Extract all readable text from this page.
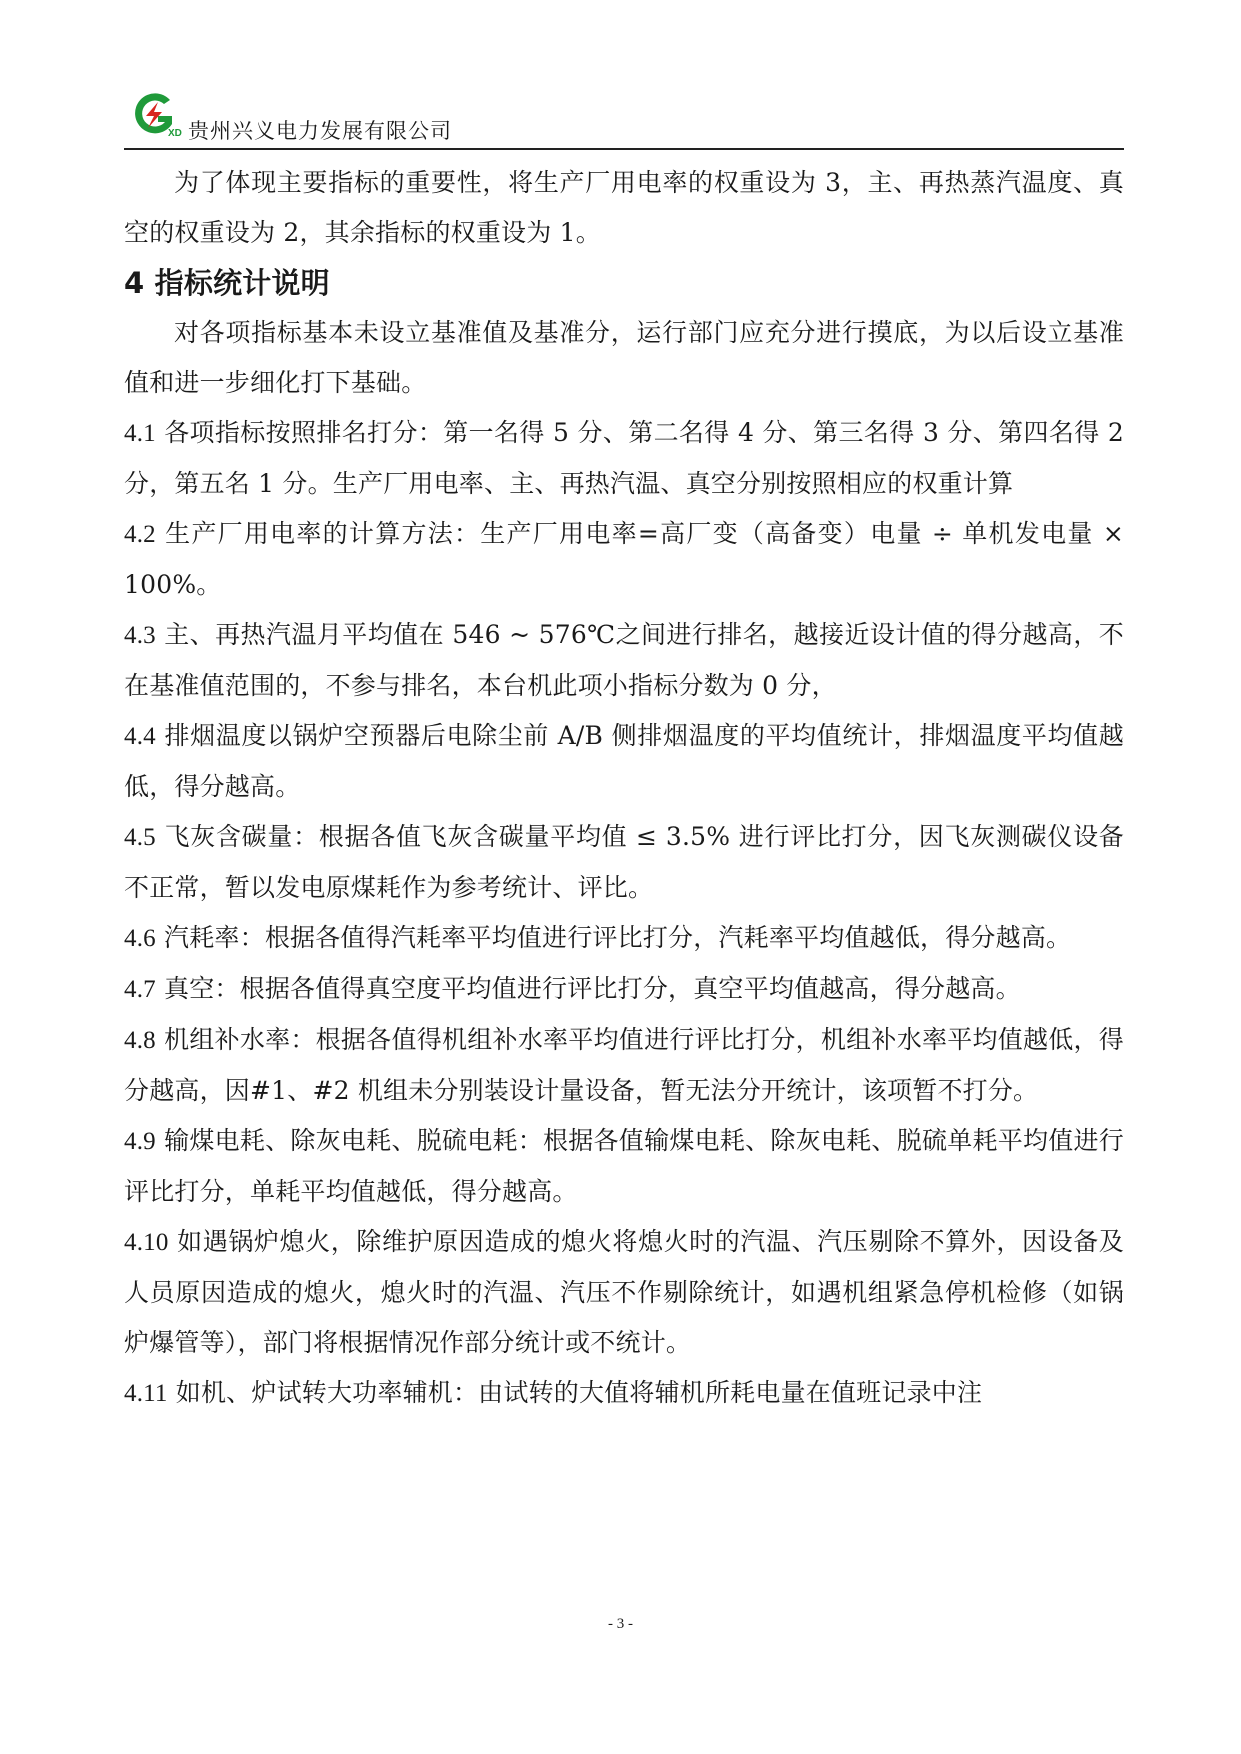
XD 贵州兴义电力发展有限公司

为了体现主要指标的重要性，将生产厂用电率的权重设为 3，主、再热蒸汽温度、真空的权重设为 2，其余指标的权重设为 1。

4 指标统计说明

对各项指标基本未设立基准值及基准分，运行部门应充分进行摸底，为以后设立基准值和进一步细化打下基础。

4.1 各项指标按照排名打分：第一名得 5 分、第二名得 4 分、第三名得 3 分、第四名得 2 分，第五名 1 分。生产厂用电率、主、再热汽温、真空分别按照相应的权重计算

4.2 生产厂用电率的计算方法：生产厂用电率=高厂变（高备变）电量 ÷ 单机发电量 × 100%。

4.3 主、再热汽温月平均值在 546 ~ 576℃之间进行排名，越接近设计值的得分越高，不在基准值范围的，不参与排名，本台机此项小指标分数为 0 分，

4.4 排烟温度以锅炉空预器后电除尘前 A/B 侧排烟温度的平均值统计，排烟温度平均值越低，得分越高。

4.5 飞灰含碳量：根据各值飞灰含碳量平均值 ≤ 3.5% 进行评比打分，因飞灰测碳仪设备不正常，暂以发电原煤耗作为参考统计、评比。

4.6 汽耗率：根据各值得汽耗率平均值进行评比打分，汽耗率平均值越低，得分越高。

4.7 真空：根据各值得真空度平均值进行评比打分，真空平均值越高，得分越高。

4.8 机组补水率：根据各值得机组补水率平均值进行评比打分，机组补水率平均值越低，得分越高，因#1、#2 机组未分别装设计量设备，暂无法分开统计，该项暂不打分。

4.9 输煤电耗、除灰电耗、脱硫电耗：根据各值输煤电耗、除灰电耗、脱硫单耗平均值进行评比打分，单耗平均值越低，得分越高。

4.10 如遇锅炉熄火，除维护原因造成的熄火将熄火时的汽温、汽压剔除不算外，因设备及人员原因造成的熄火，熄火时的汽温、汽压不作剔除统计，如遇机组紧急停机检修（如锅炉爆管等），部门将根据情况作部分统计或不统计。

4.11 如机、炉试转大功率辅机：由试转的大值将辅机所耗电量在值班记录中注

- 3 -
